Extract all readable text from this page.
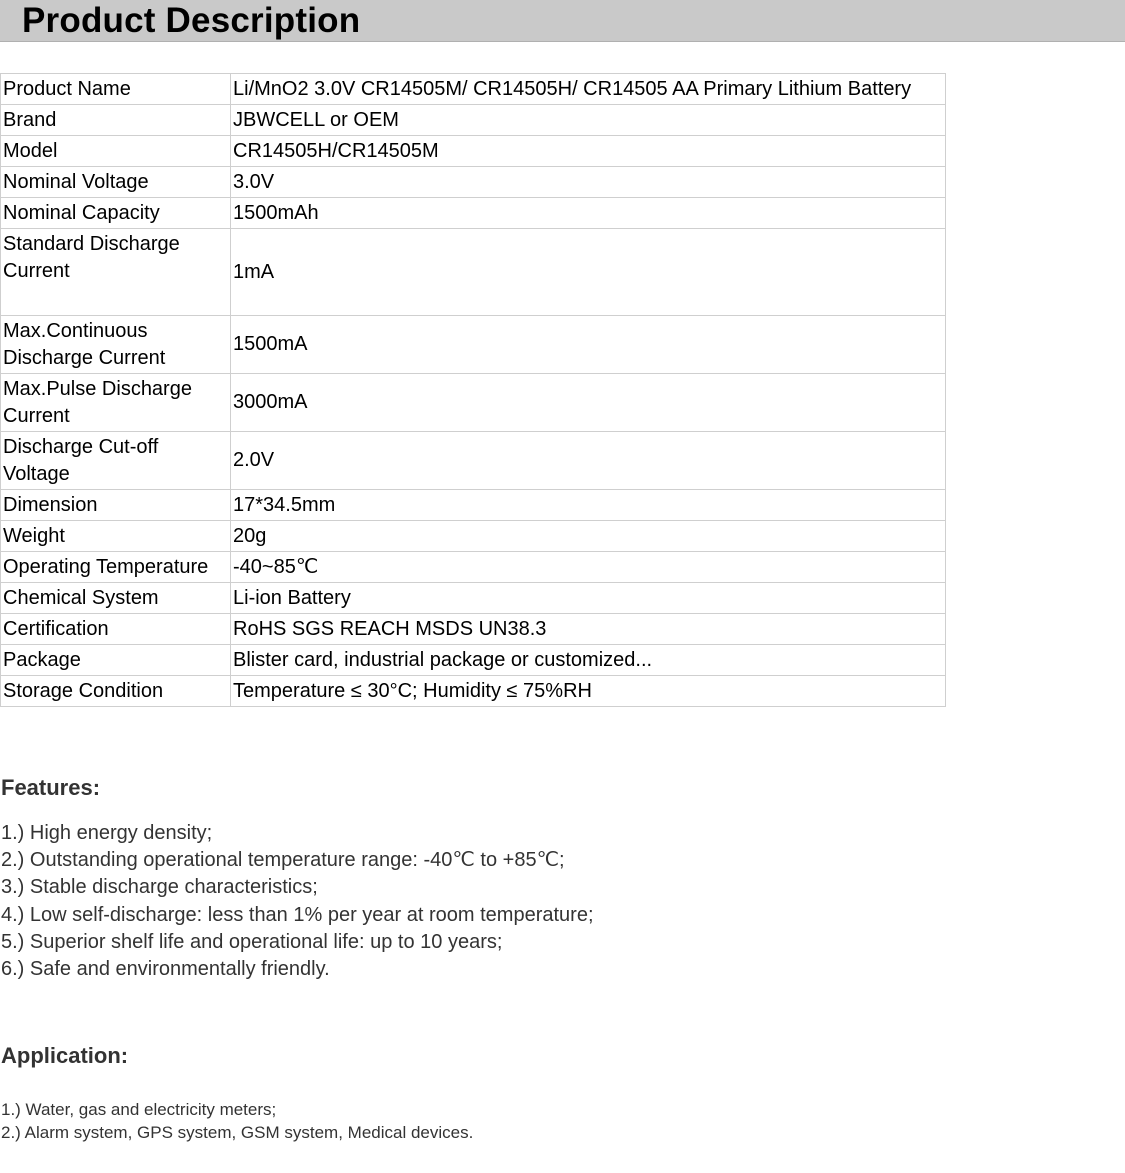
Product Description
Product Name	Li/MnO2 3.0V CR14505M/ CR14505H/ CR14505 AA Primary Lithium Battery
Brand	JBWCELL or OEM
Model	CR14505H/CR14505M
Nominal Voltage	3.0V
Nominal Capacity	1500mAh
Standard Discharge Current	1mA
Max.Continuous Discharge Current	1500mA
Max.Pulse Discharge Current	3000mA
Discharge Cut-off Voltage	2.0V
Dimension	17*34.5mm
Weight	20g
Operating Temperature	-40~85℃
Chemical System	Li-ion Battery
Certification	RoHS SGS REACH MSDS UN38.3
Package	Blister card, industrial package or customized...
Storage Condition	Temperature ≤ 30°C; Humidity ≤ 75%RH
Features:
1.) High energy density;
2.) Outstanding operational temperature range: -40℃ to +85℃;
3.) Stable discharge characteristics;
4.) Low self-discharge: less than 1% per year at room temperature;
5.) Superior shelf life and operational life: up to 10 years;
6.) Safe and environmentally friendly.
Application:
1.) Water, gas and electricity meters;
2.) Alarm system, GPS system, GSM system, Medical devices.
